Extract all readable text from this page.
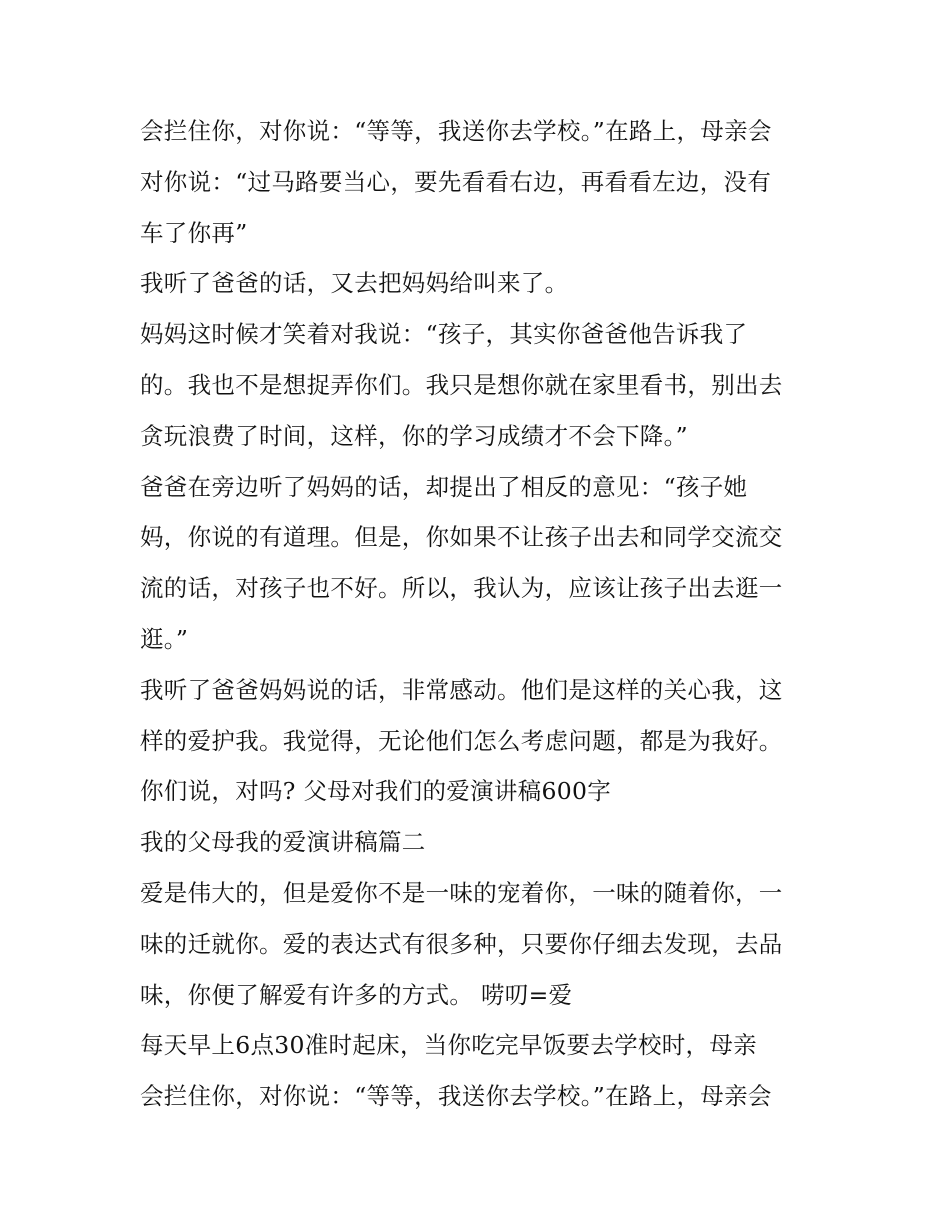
会拦住你，对你说：“等等，我送你去学校。”在路上，母亲会
对你说：“过马路要当心，要先看看右边，再看看左边，没有
车了你再”
我听了爸爸的话，又去把妈妈给叫来了。
妈妈这时候才笑着对我说：“孩子，其实你爸爸他告诉我了
的。我也不是想捉弄你们。我只是想你就在家里看书，别出去
贪玩浪费了时间，这样，你的学习成绩才不会下降。”
爸爸在旁边听了妈妈的话，却提出了相反的意见：“孩子她
妈，你说的有道理。但是，你如果不让孩子出去和同学交流交
流的话，对孩子也不好。所以，我认为，应该让孩子出去逛一
逛。”
我听了爸爸妈妈说的话，非常感动。他们是这样的关心我，这
样的爱护我。我觉得，无论他们怎么考虑问题，都是为我好。
你们说，对吗? 父母对我们的爱演讲稿600字
我的父母我的爱演讲稿篇二
爱是伟大的，但是爱你不是一味的宠着你，一味的随着你，一
味的迁就你。爱的表达式有很多种，只要你仔细去发现，去品
味，你便了解爱有许多的方式。 唠叨=爱
每天早上6点30准时起床，当你吃完早饭要去学校时，母亲
会拦住你，对你说：“等等，我送你去学校。”在路上，母亲会
